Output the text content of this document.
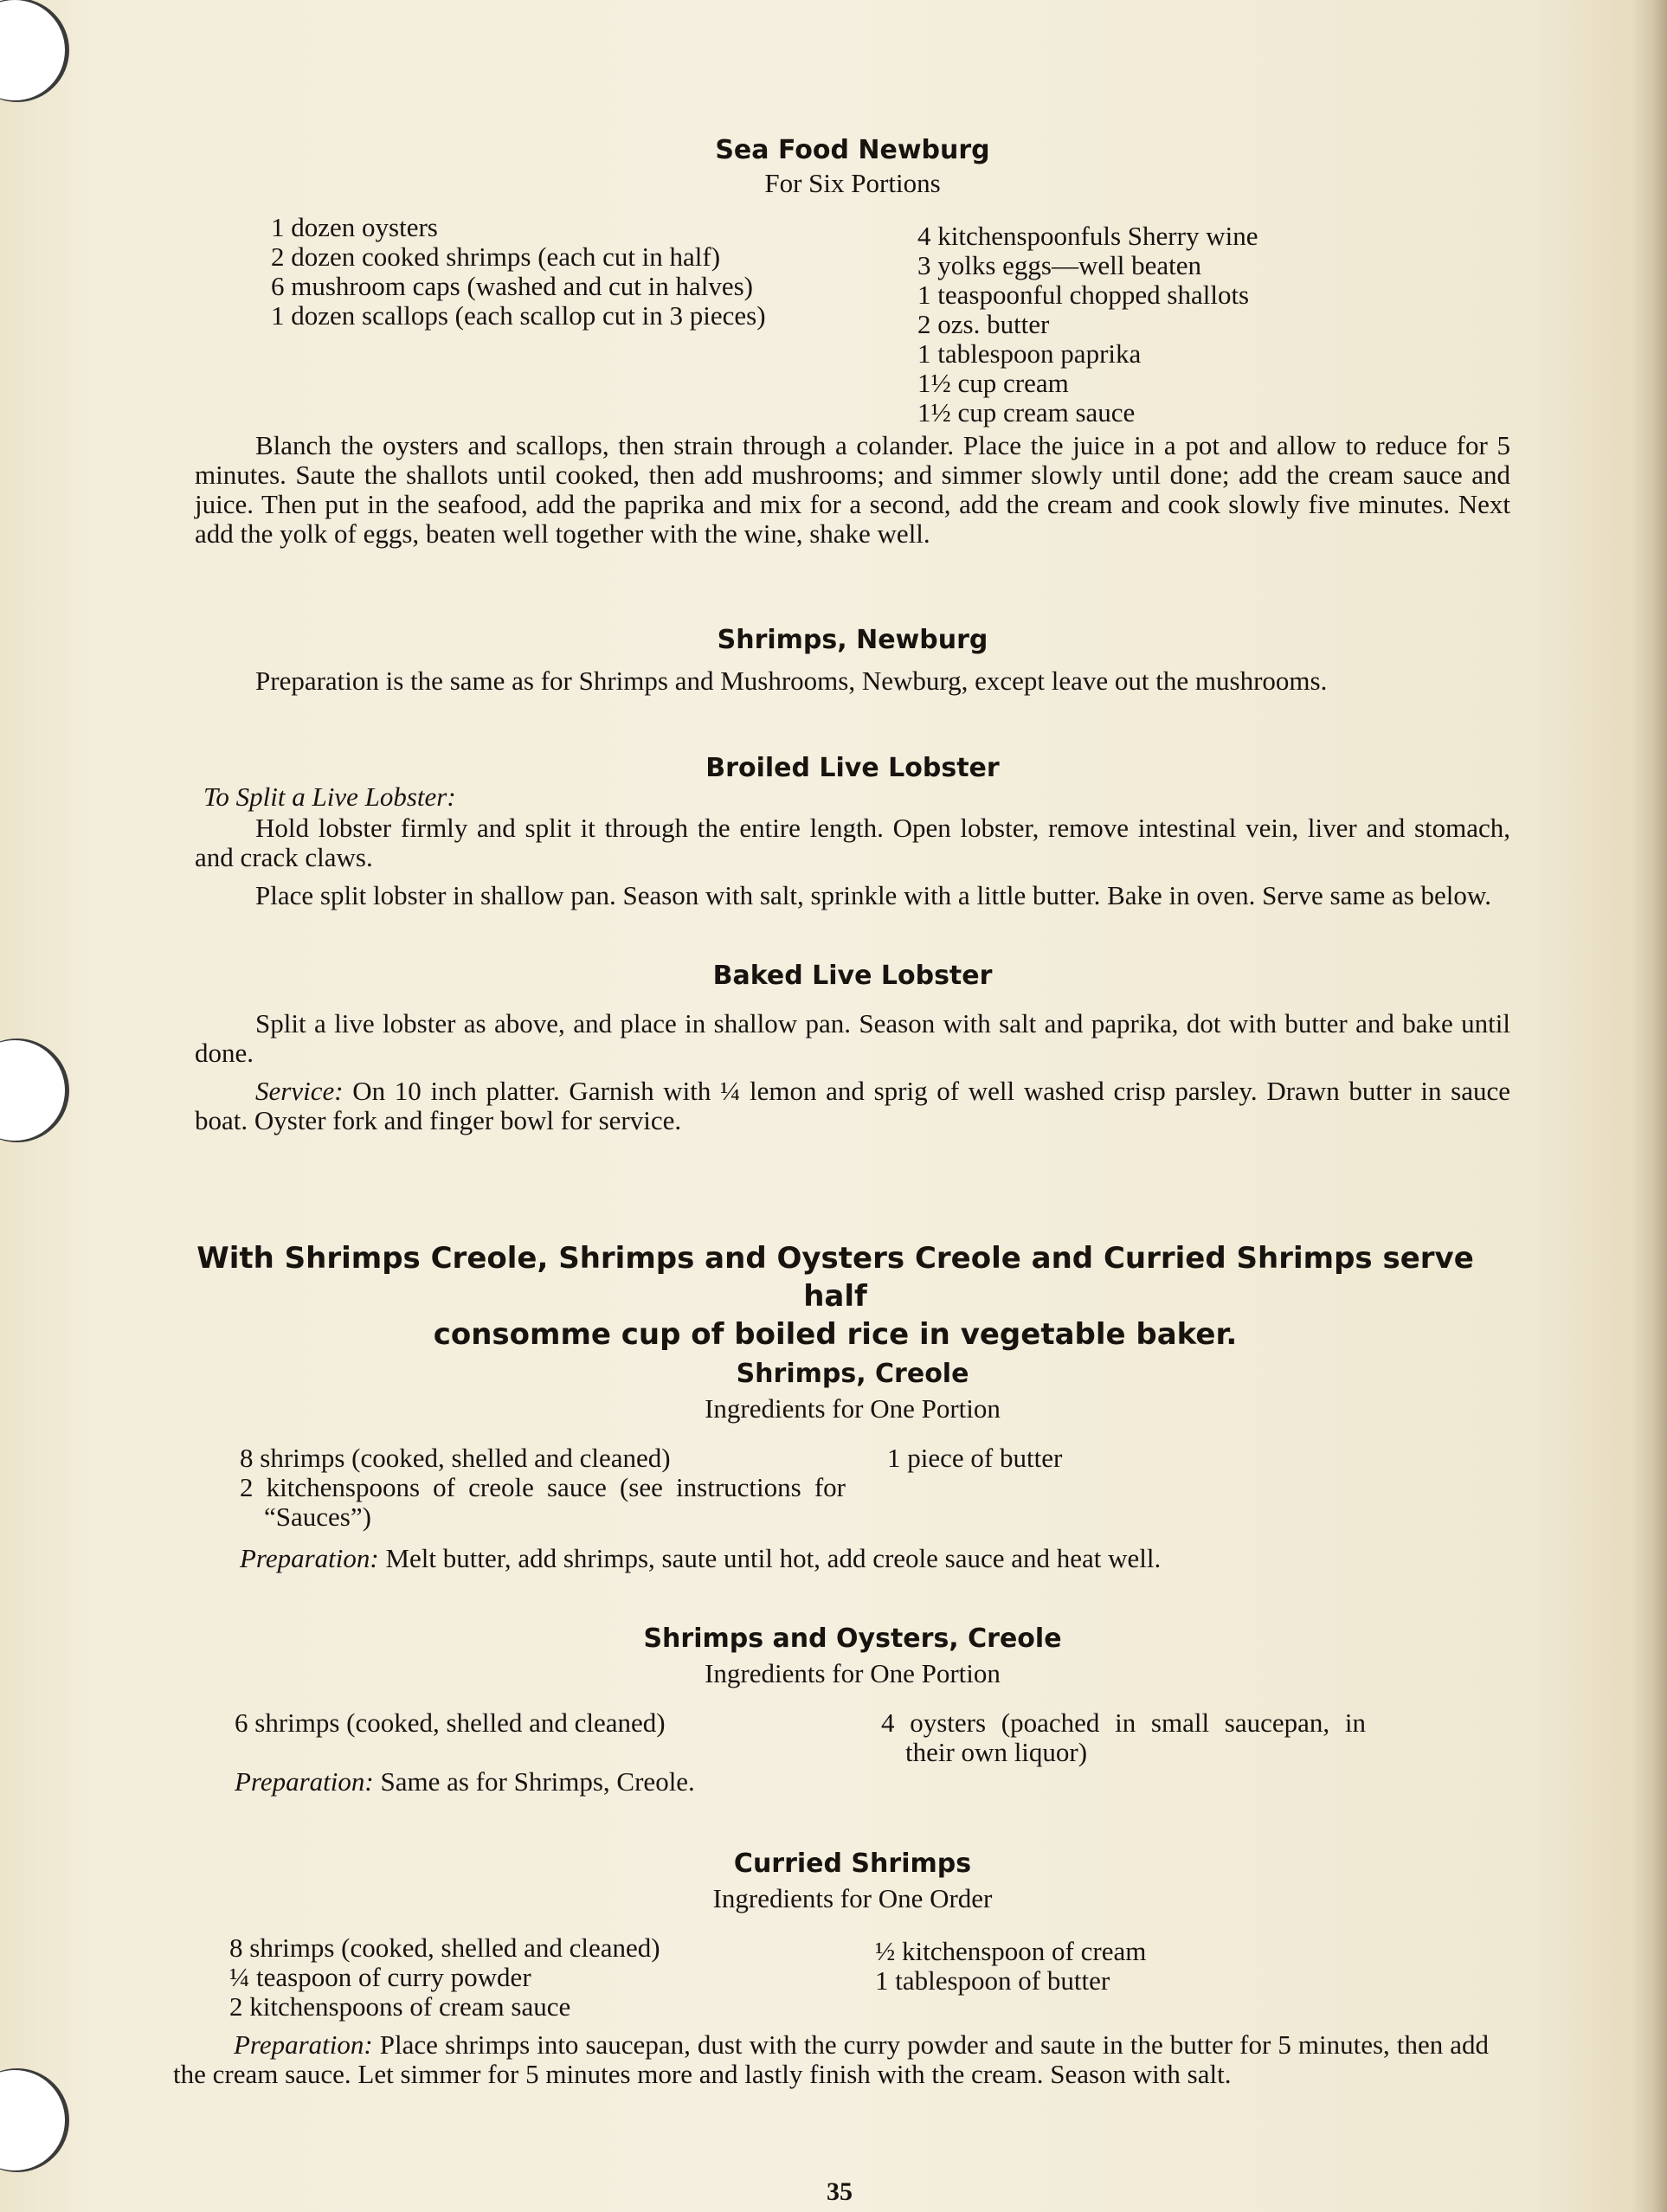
Sea Food Newburg
For Six Portions

1 dozen oysters

2 dozen cooked shrimps (each cut in half)

6 mushroom caps (washed and cut in halves)

1 dozen scallops (each scallop cut in 3 pieces)

4 kitchenspoonfuls Sherry wine

3 yolks eggs—well beaten

1 teaspoonful chopped shallots

2 ozs. butter

1 tablespoon paprika

1½ cup cream

1½ cup cream sauce

Blanch the oysters and scallops, then strain through a colander. Place the juice in a pot and allow to reduce for 5 minutes. Saute the shallots until cooked, then add mushrooms; and simmer slowly until done; add the cream sauce and juice. Then put in the seafood, add the paprika and mix for a second, add the cream and cook slowly five minutes. Next add the yolk of eggs, beaten well together with the wine, shake well.

Shrimps, Newburg

Preparation is the same as for Shrimps and Mushrooms, Newburg, except leave out the mushrooms.

Broiled Live Lobster
To Split a Live Lobster:

Hold lobster firmly and split it through the entire length. Open lobster, remove intestinal vein, liver and stomach, and crack claws.

Place split lobster in shallow pan. Season with salt, sprinkle with a little butter. Bake in oven. Serve same as below.

Baked Live Lobster

Split a live lobster as above, and place in shallow pan. Season with salt and paprika, dot with butter and bake until done.

Service: On 10 inch platter. Garnish with ¼ lemon and sprig of well washed crisp parsley. Drawn butter in sauce boat. Oyster fork and finger bowl for service.

With Shrimps Creole, Shrimps and Oysters Creole and Curried Shrimps serve half
consomme cup of boiled rice in vegetable baker.
Shrimps, Creole
Ingredients for One Portion

8 shrimps (cooked, shelled and cleaned)

2 kitchenspoons of creole sauce (see instructions for “Sauces”)

1 piece of butter

Preparation: Melt butter, add shrimps, saute until hot, add creole sauce and heat well.
Shrimps and Oysters, Creole
Ingredients for One Portion

6 shrimps (cooked, shelled and cleaned)	4 oysters (poached in small saucepan, in their own liquor)

Preparation: Same as for Shrimps, Creole.
Curried Shrimps
Ingredients for One Order

8 shrimps (cooked, shelled and cleaned)

¼ teaspoon of curry powder

2 kitchenspoons of cream sauce

½ kitchenspoon of cream

1 tablespoon of butter

Preparation: Place shrimps into saucepan, dust with the curry powder and saute in the butter for 5 minutes, then add the cream sauce. Let simmer for 5 minutes more and lastly finish with the cream. Season with salt.

35
